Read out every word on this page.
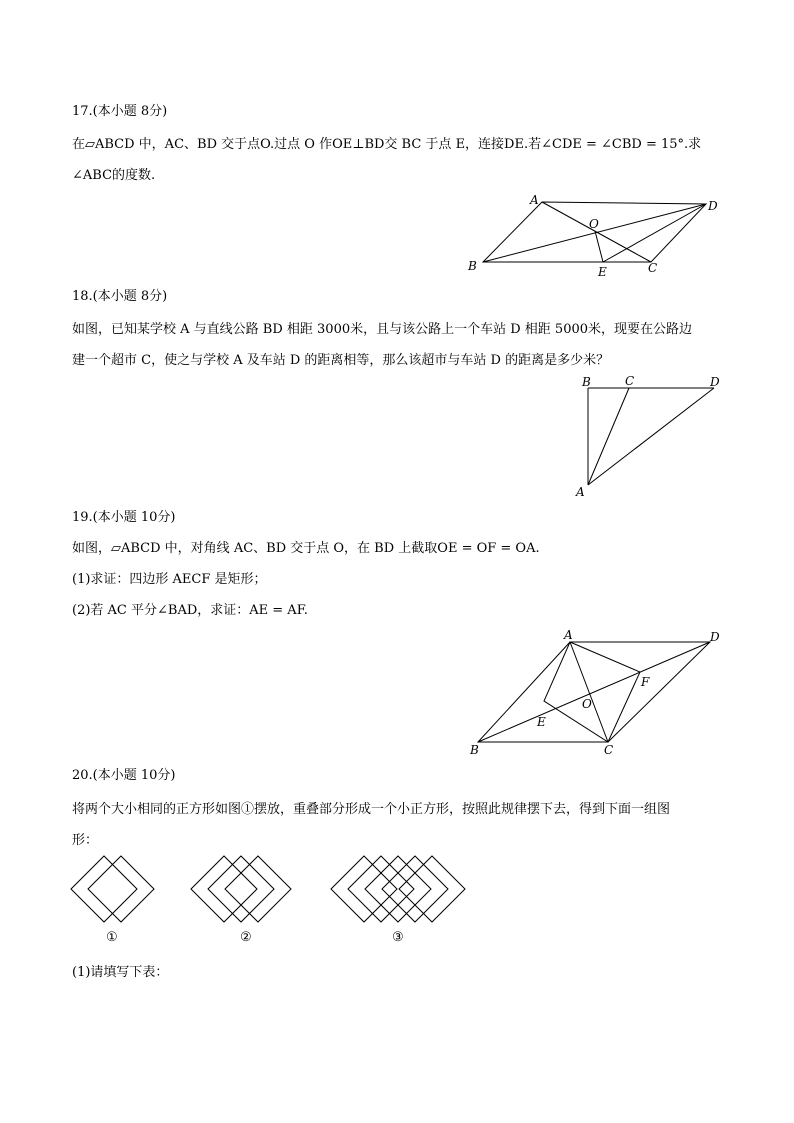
17.(本小题 8分)
在▱ABCD 中，AC、BD 交于点O.过点 O 作OE⊥BD交 BC 于点 E，连接DE.若∠CDE = ∠CBD = 15°.求
∠ABC的度数.
A	D
O
B	E	C
18.(本小题 8分)
如图，已知某学校 A 与直线公路 BD 相距 3000米，且与该公路上一个车站 D 相距 5000米，现要在公路边
建一个超市 C，使之与学校 A 及车站 D 的距离相等，那么该超市与车站 D 的距离是多少米？
B	C	D
A
19.(本小题 10分)
如图，▱ABCD 中，对角线 AC、BD 交于点 O，在 BD 上截取OE = OF = OA.
(1)求证：四边形 AECF 是矩形；
(2)若 AC 平分∠BAD，求证：AE = AF.
A	D
F
O
E
B	C
20.(本小题 10分)
将两个大小相同的正方形如图①摆放，重叠部分形成一个小正方形，按照此规律摆下去，得到下面一组图
形：
①	②	③
(1)请填写下表：
